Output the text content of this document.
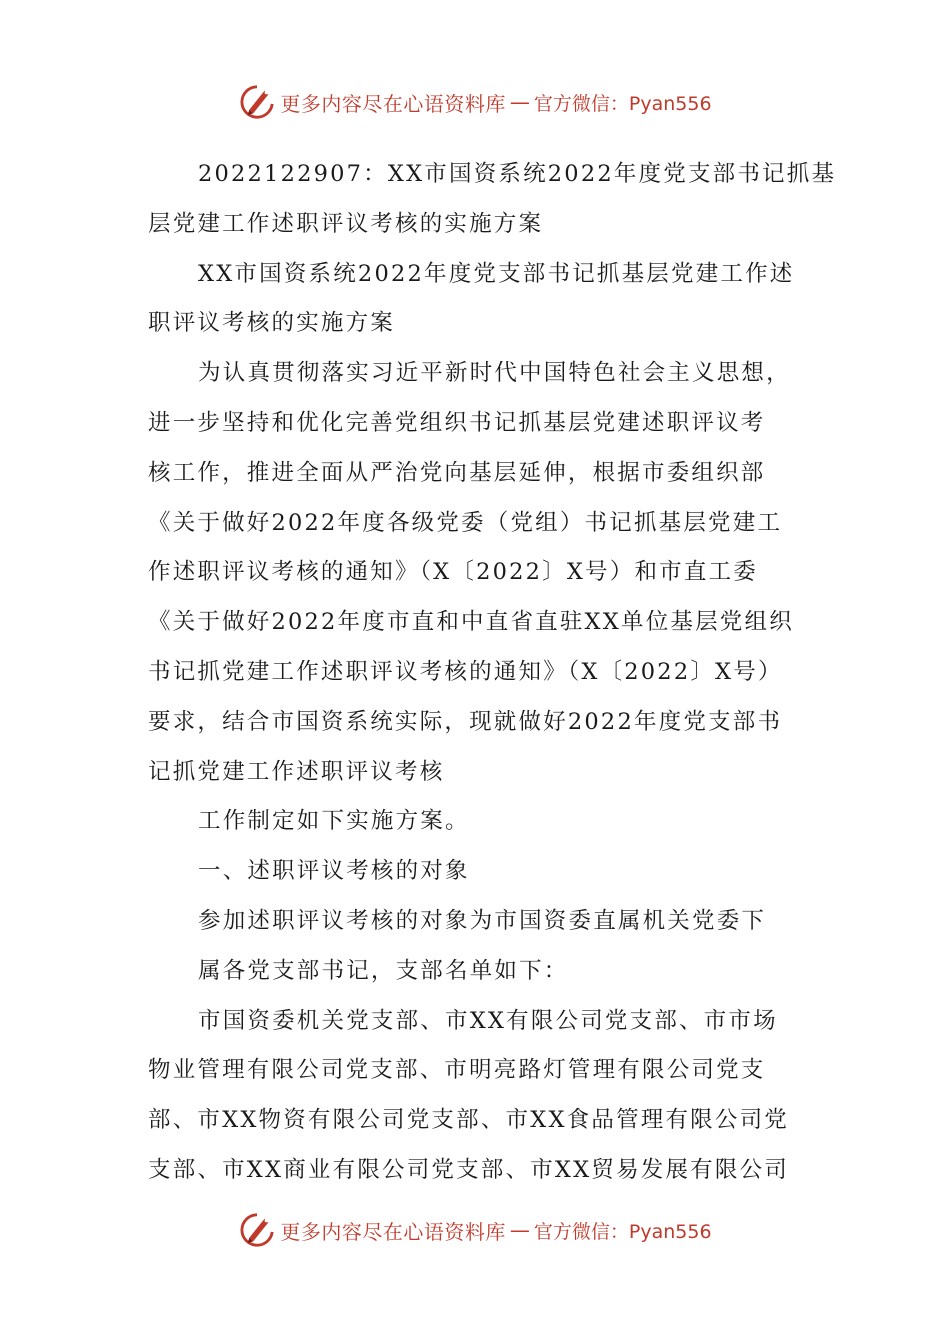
更多内容尽在心语资料库 — 官方微信：Pyan556
2022122907：XX市国资系统2022年度党支部书记抓基
层党建工作述职评议考核的实施方案
XX市国资系统2022年度党支部书记抓基层党建工作述
职评议考核的实施方案
为认真贯彻落实习近平新时代中国特色社会主义思想，
进一步坚持和优化完善党组织书记抓基层党建述职评议考
核工作，推进全面从严治党向基层延伸，根据市委组织部
《关于做好2022年度各级党委（党组）书记抓基层党建工
作述职评议考核的通知》（X〔2022〕X号）和市直工委
《关于做好2022年度市直和中直省直驻XX单位基层党组织
书记抓党建工作述职评议考核的通知》（X〔2022〕X号）
要求，结合市国资系统实际，现就做好2022年度党支部书
记抓党建工作述职评议考核
工作制定如下实施方案。
一、述职评议考核的对象
参加述职评议考核的对象为市国资委直属机关党委下
属各党支部书记，支部名单如下：
市国资委机关党支部、市XX有限公司党支部、市市场
物业管理有限公司党支部、市明亮路灯管理有限公司党支
部、市XX物资有限公司党支部、市XX食品管理有限公司党
支部、市XX商业有限公司党支部、市XX贸易发展有限公司
更多内容尽在心语资料库 — 官方微信：Pyan556
